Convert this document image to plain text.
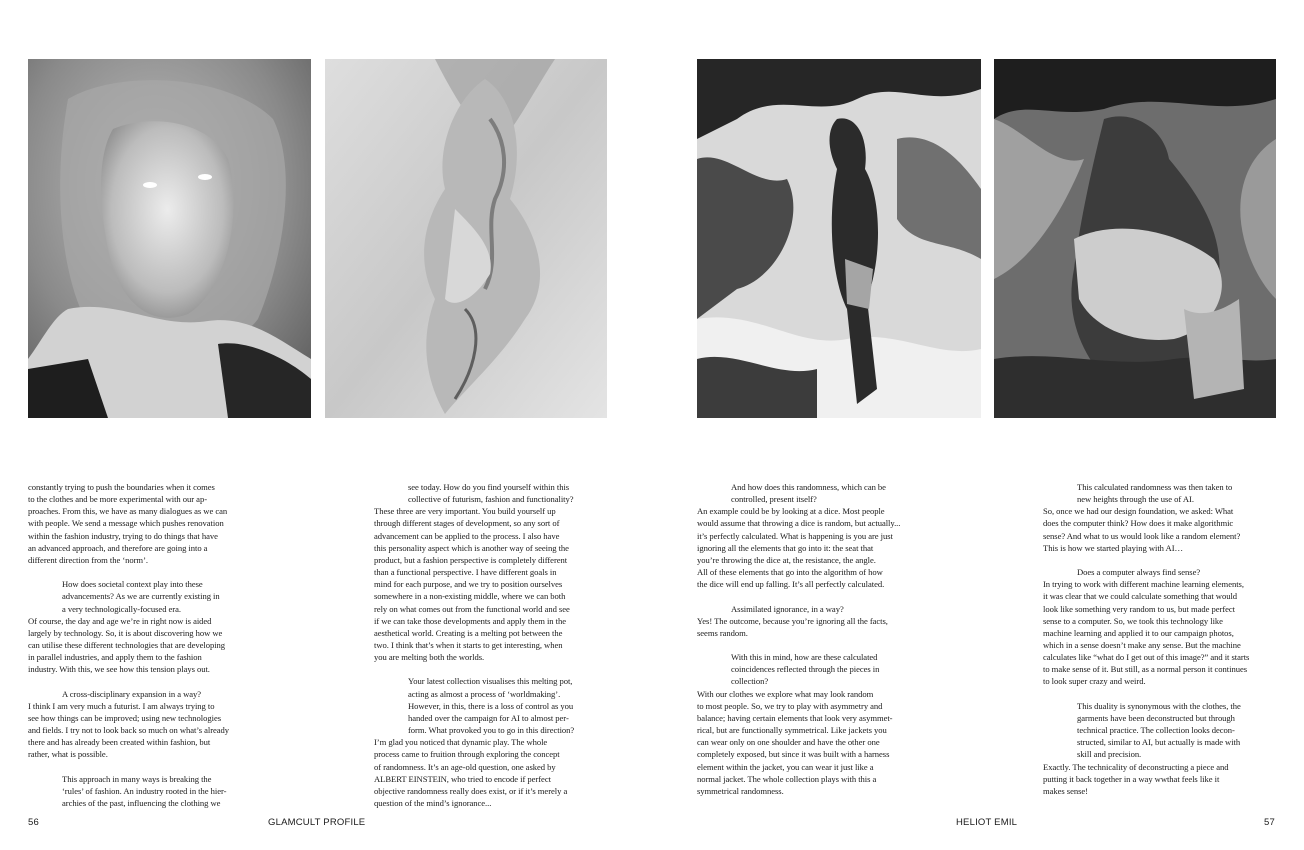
constantly trying to push the boundaries when it comes

to the clothes and be more experimental with our ap-

proaches. From this, we have as many dialogues as we can

with people. We send a message which pushes renovation

within the fashion industry, trying to do things that have

an advanced approach, and therefore are going into a

different direction from the ‘norm’.

How does societal context play into these

advancements? As we are currently existing in

a very technologically-focused era.

Of course, the day and age we’re in right now is aided

largely by technology. So, it is about discovering how we

can utilise these different technologies that are developing

in parallel industries, and apply them to the fashion

industry. With this, we see how this tension plays out.

A cross-disciplinary expansion in a way?

I think I am very much a futurist. I am always trying to

see how things can be improved; using new technologies

and fields. I try not to look back so much on what’s already

there and has already been created within fashion, but

rather, what is possible.

This approach in many ways is breaking the

‘rules’ of fashion. An industry rooted in the hier-

archies of the past, influencing the clothing we

see today. How do you find yourself within this

collective of futurism, fashion and functionality?

These three are very important. You build yourself up

through different stages of development, so any sort of

advancement can be applied to the process. I also have

this personality aspect which is another way of seeing the

product, but a fashion perspective is completely different

than a functional perspective. I have different goals in

mind for each purpose, and we try to position ourselves

somewhere in a non-existing middle, where we can both

rely on what comes out from the functional world and see

if we can take those developments and apply them in the

aesthetical world. Creating is a melting pot between the

two. I think that’s when it starts to get interesting, when

you are melting both the worlds.

Your latest collection visualises this melting pot,

acting as almost a process of ‘worldmaking’.

However, in this, there is a loss of control as you

handed over the campaign for AI to almost per-

form. What provoked you to go in this direction?

I’m glad you noticed that dynamic play. The whole

process came to fruition through exploring the concept

of randomness. It’s an age-old question, one asked by

ALBERT EINSTEIN, who tried to encode if perfect

objective randomness really does exist, or if it’s merely a

question of the mind’s ignorance...

And how does this randomness, which can be

controlled, present itself?

An example could be by looking at a dice. Most people

would assume that throwing a dice is random, but actually...

it’s perfectly calculated. What is happening is you are just

ignoring all the elements that go into it: the seat that

you’re throwing the dice at, the resistance, the angle.

All of these elements that go into the algorithm of how

the dice will end up falling. It’s all perfectly calculated.

Assimilated ignorance, in a way?

Yes! The outcome, because you’re ignoring all the facts,

seems random.

With this in mind, how are these calculated

coincidences reflected through the pieces in

collection?

With our clothes we explore what may look random

to most people. So, we try to play with asymmetry and

balance; having certain elements that look very asymmet-

rical, but are functionally symmetrical. Like jackets you

can wear only on one shoulder and have the other one

completely exposed, but since it was built with a harness

element within the jacket, you can wear it just like a

normal jacket. The whole collection plays with this a

symmetrical randomness.

This calculated randomness was then taken to

new heights through the use of AI.

So, once we had our design foundation, we asked: What

does the computer think? How does it make algorithmic

sense? And what to us would look like a random element?

This is how we started playing with AI…

Does a computer always find sense?

In trying to work with different machine learning elements,

it was clear that we could calculate something that would

look like something very random to us, but made perfect

sense to a computer. So, we took this technology like

machine learning and applied it to our campaign photos,

which in a sense doesn’t make any sense. But the machine

calculates like “what do I get out of this image?” and it starts

to make sense of it. But still, as a normal person it continues

to look super crazy and weird.

This duality is synonymous with the clothes, the

garments have been deconstructed but through

technical practice. The collection looks decon-

structed, similar to AI, but actually is made with

skill and precision.

Exactly. The technicality of deconstructing a piece and

putting it back together in a way wwthat feels like it

makes sense!

56	GLAMCULT PROFILE	HELIOT EMIL	57
